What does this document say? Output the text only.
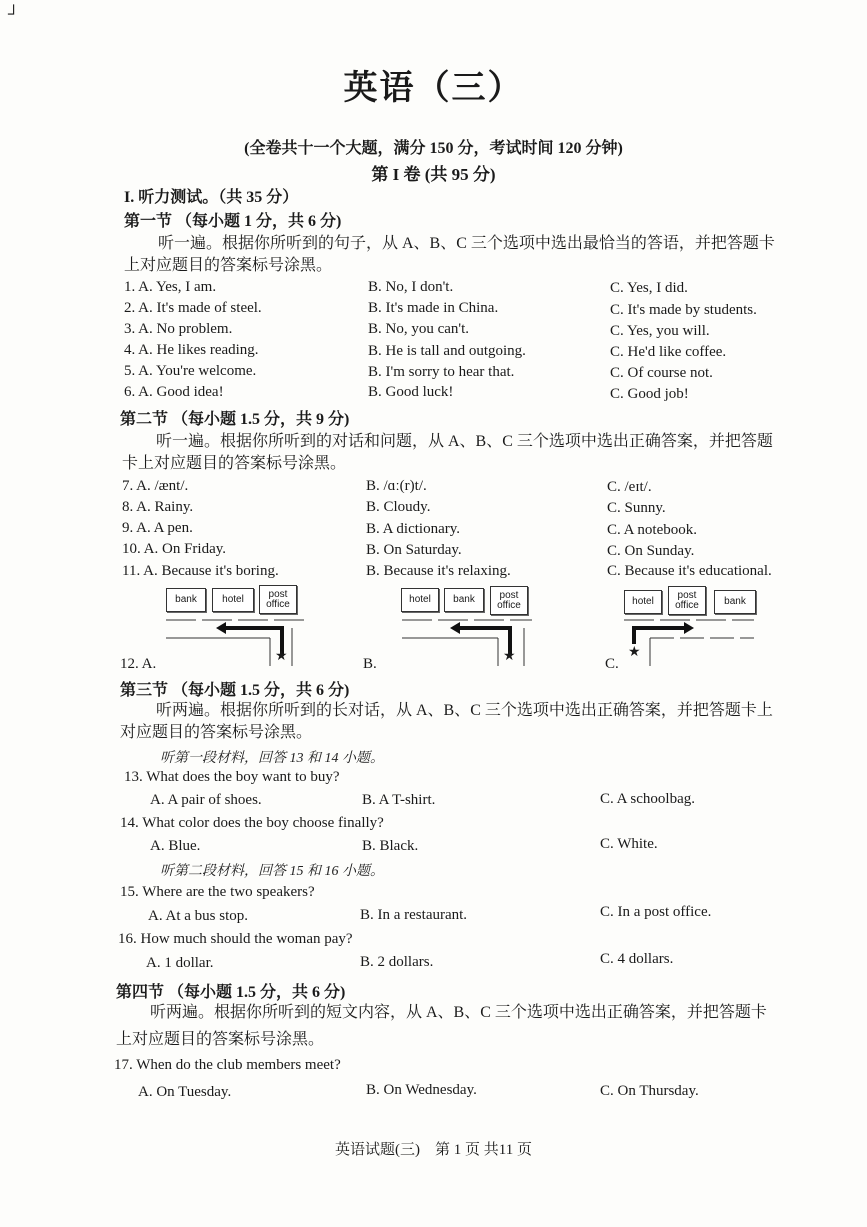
┘
英语（三）
(全卷共十一个大题，满分 150 分，考试时间 120 分钟)
第 I 卷 (共 95 分)
I. 听力测试。（共 35 分）
第一节 （每小题 1 分，共 6 分)
听一遍。根据你所听到的句子，从 A、B、C 三个选项中选出最恰当的答语，并把答题卡
上对应题目的答案标号涂黑。
1. A. Yes, I am.	B. No, I don't.	C. Yes, I did.
2. A. It's made of steel.	B. It's made in China.	C. It's made by students.
3. A. No problem.	B. No, you can't.	C. Yes, you will.
4. A. He likes reading.	B. He is tall and outgoing.	C. He'd like coffee.
5. A. You're welcome.	B. I'm sorry to hear that.	C. Of course not.
6. A. Good idea!	B. Good luck!	C. Good job!
第二节 （每小题 1.5 分，共 9 分)
听一遍。根据你所听到的对话和问题，从 A、B、C 三个选项中选出正确答案，并把答题
卡上对应题目的答案标号涂黑。
7. A. /ænt/.	B. /ɑː(r)t/.	C. /eɪt/.
8. A. Rainy.	B. Cloudy.	C. Sunny.
9. A. A pen.	B. A dictionary.	C. A notebook.
10. A. On Friday.	B. On Saturday.	C. On Sunday.
11. A. Because it's boring.	B. Because it's relaxing.	C. Because it's educational.
bank	hotel	post office
★
12. A.
hotel	bank	post office
★
B.
hotel
post office	bank
★
C.
第三节 （每小题 1.5 分，共 6 分)
听两遍。根据你所听到的长对话，从 A、B、C 三个选项中选出正确答案，并把答题卡上
对应题目的答案标号涂黑。
听第一段材料，回答 13 和 14 小题。
13. What does the boy want to buy?
A. A pair of shoes.	B. A T-shirt.	C. A schoolbag.
14. What color does the boy choose finally?
A. Blue.	B. Black.	C. White.
听第二段材料，回答 15 和 16 小题。
15. Where are the two speakers?
A. At a bus stop.	B. In a restaurant.	C. In a post office.
16. How much should the woman pay?
A. 1 dollar.	B. 2 dollars.	C. 4 dollars.
第四节 （每小题 1.5 分，共 6 分)
听两遍。根据你所听到的短文内容，从 A、B、C 三个选项中选出正确答案，并把答题卡
上对应题目的答案标号涂黑。
17. When do the club members meet?
A. On Tuesday.	B. On Wednesday.	C. On Thursday.
英语试题(三)　第 1 页 共11 页
